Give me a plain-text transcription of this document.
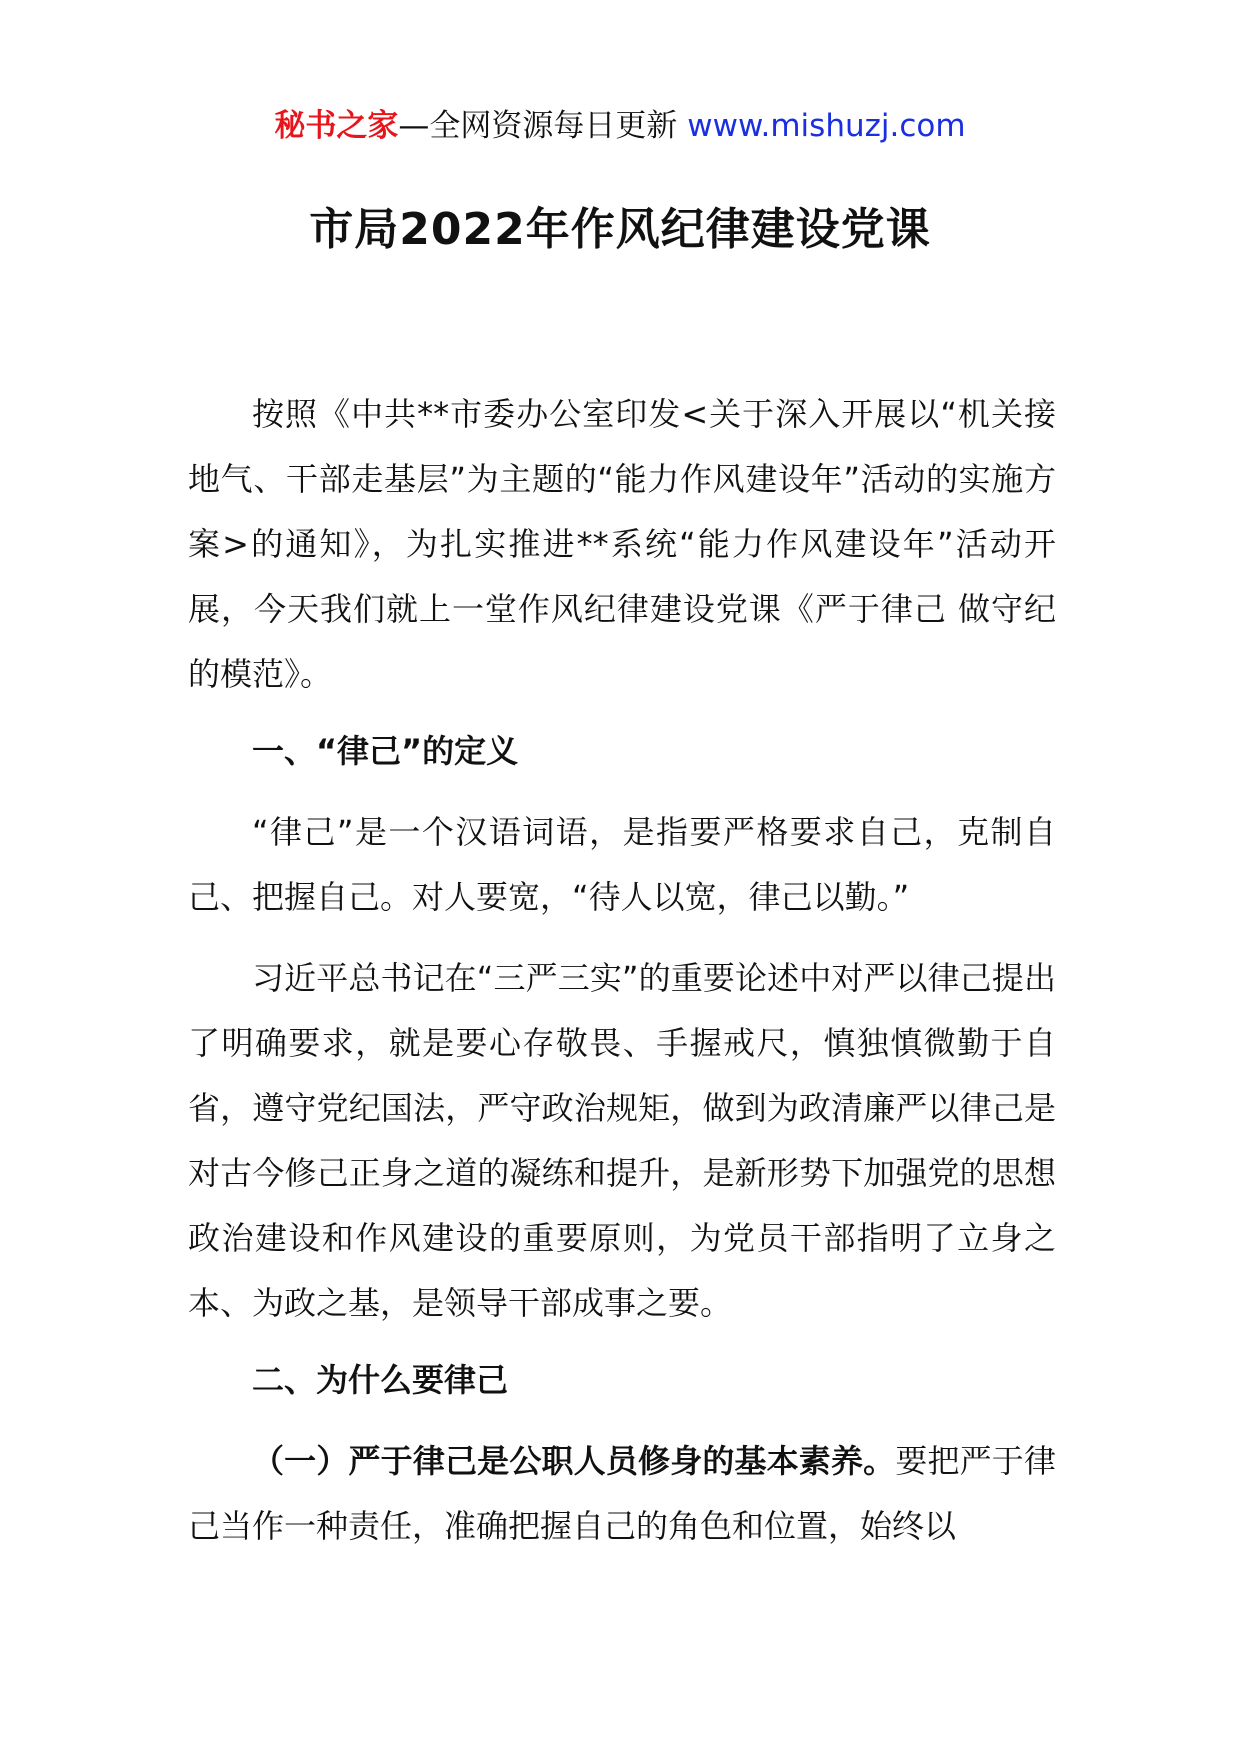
秘书之家—全网资源每日更新 www.mishuzj.com
市局2022年作风纪律建设党课

按照《中共**市委办公室印发<关于深入开展以“机关接地气、干部走基层”为主题的“能力作风建设年”活动的实施方案>的通知》，为扎实推进**系统“能力作风建设年”活动开展，今天我们就上一堂作风纪律建设党课《严于律己 做守纪的模范》。

一、“律己”的定义

“律己”是一个汉语词语，是指要严格要求自己，克制自己、把握自己。对人要宽，“待人以宽，律己以勤。”

习近平总书记在“三严三实”的重要论述中对严以律己提出了明确要求，就是要心存敬畏、手握戒尺，慎独慎微勤于自省，遵守党纪国法，严守政治规矩，做到为政清廉严以律己是对古今修己正身之道的凝练和提升，是新形势下加强党的思想政治建设和作风建设的重要原则，为党员干部指明了立身之本、为政之基，是领导干部成事之要。

二、为什么要律己

（一）严于律己是公职人员修身的基本素养。要把严于律己当作一种责任，准确把握自己的角色和位置，始终以
